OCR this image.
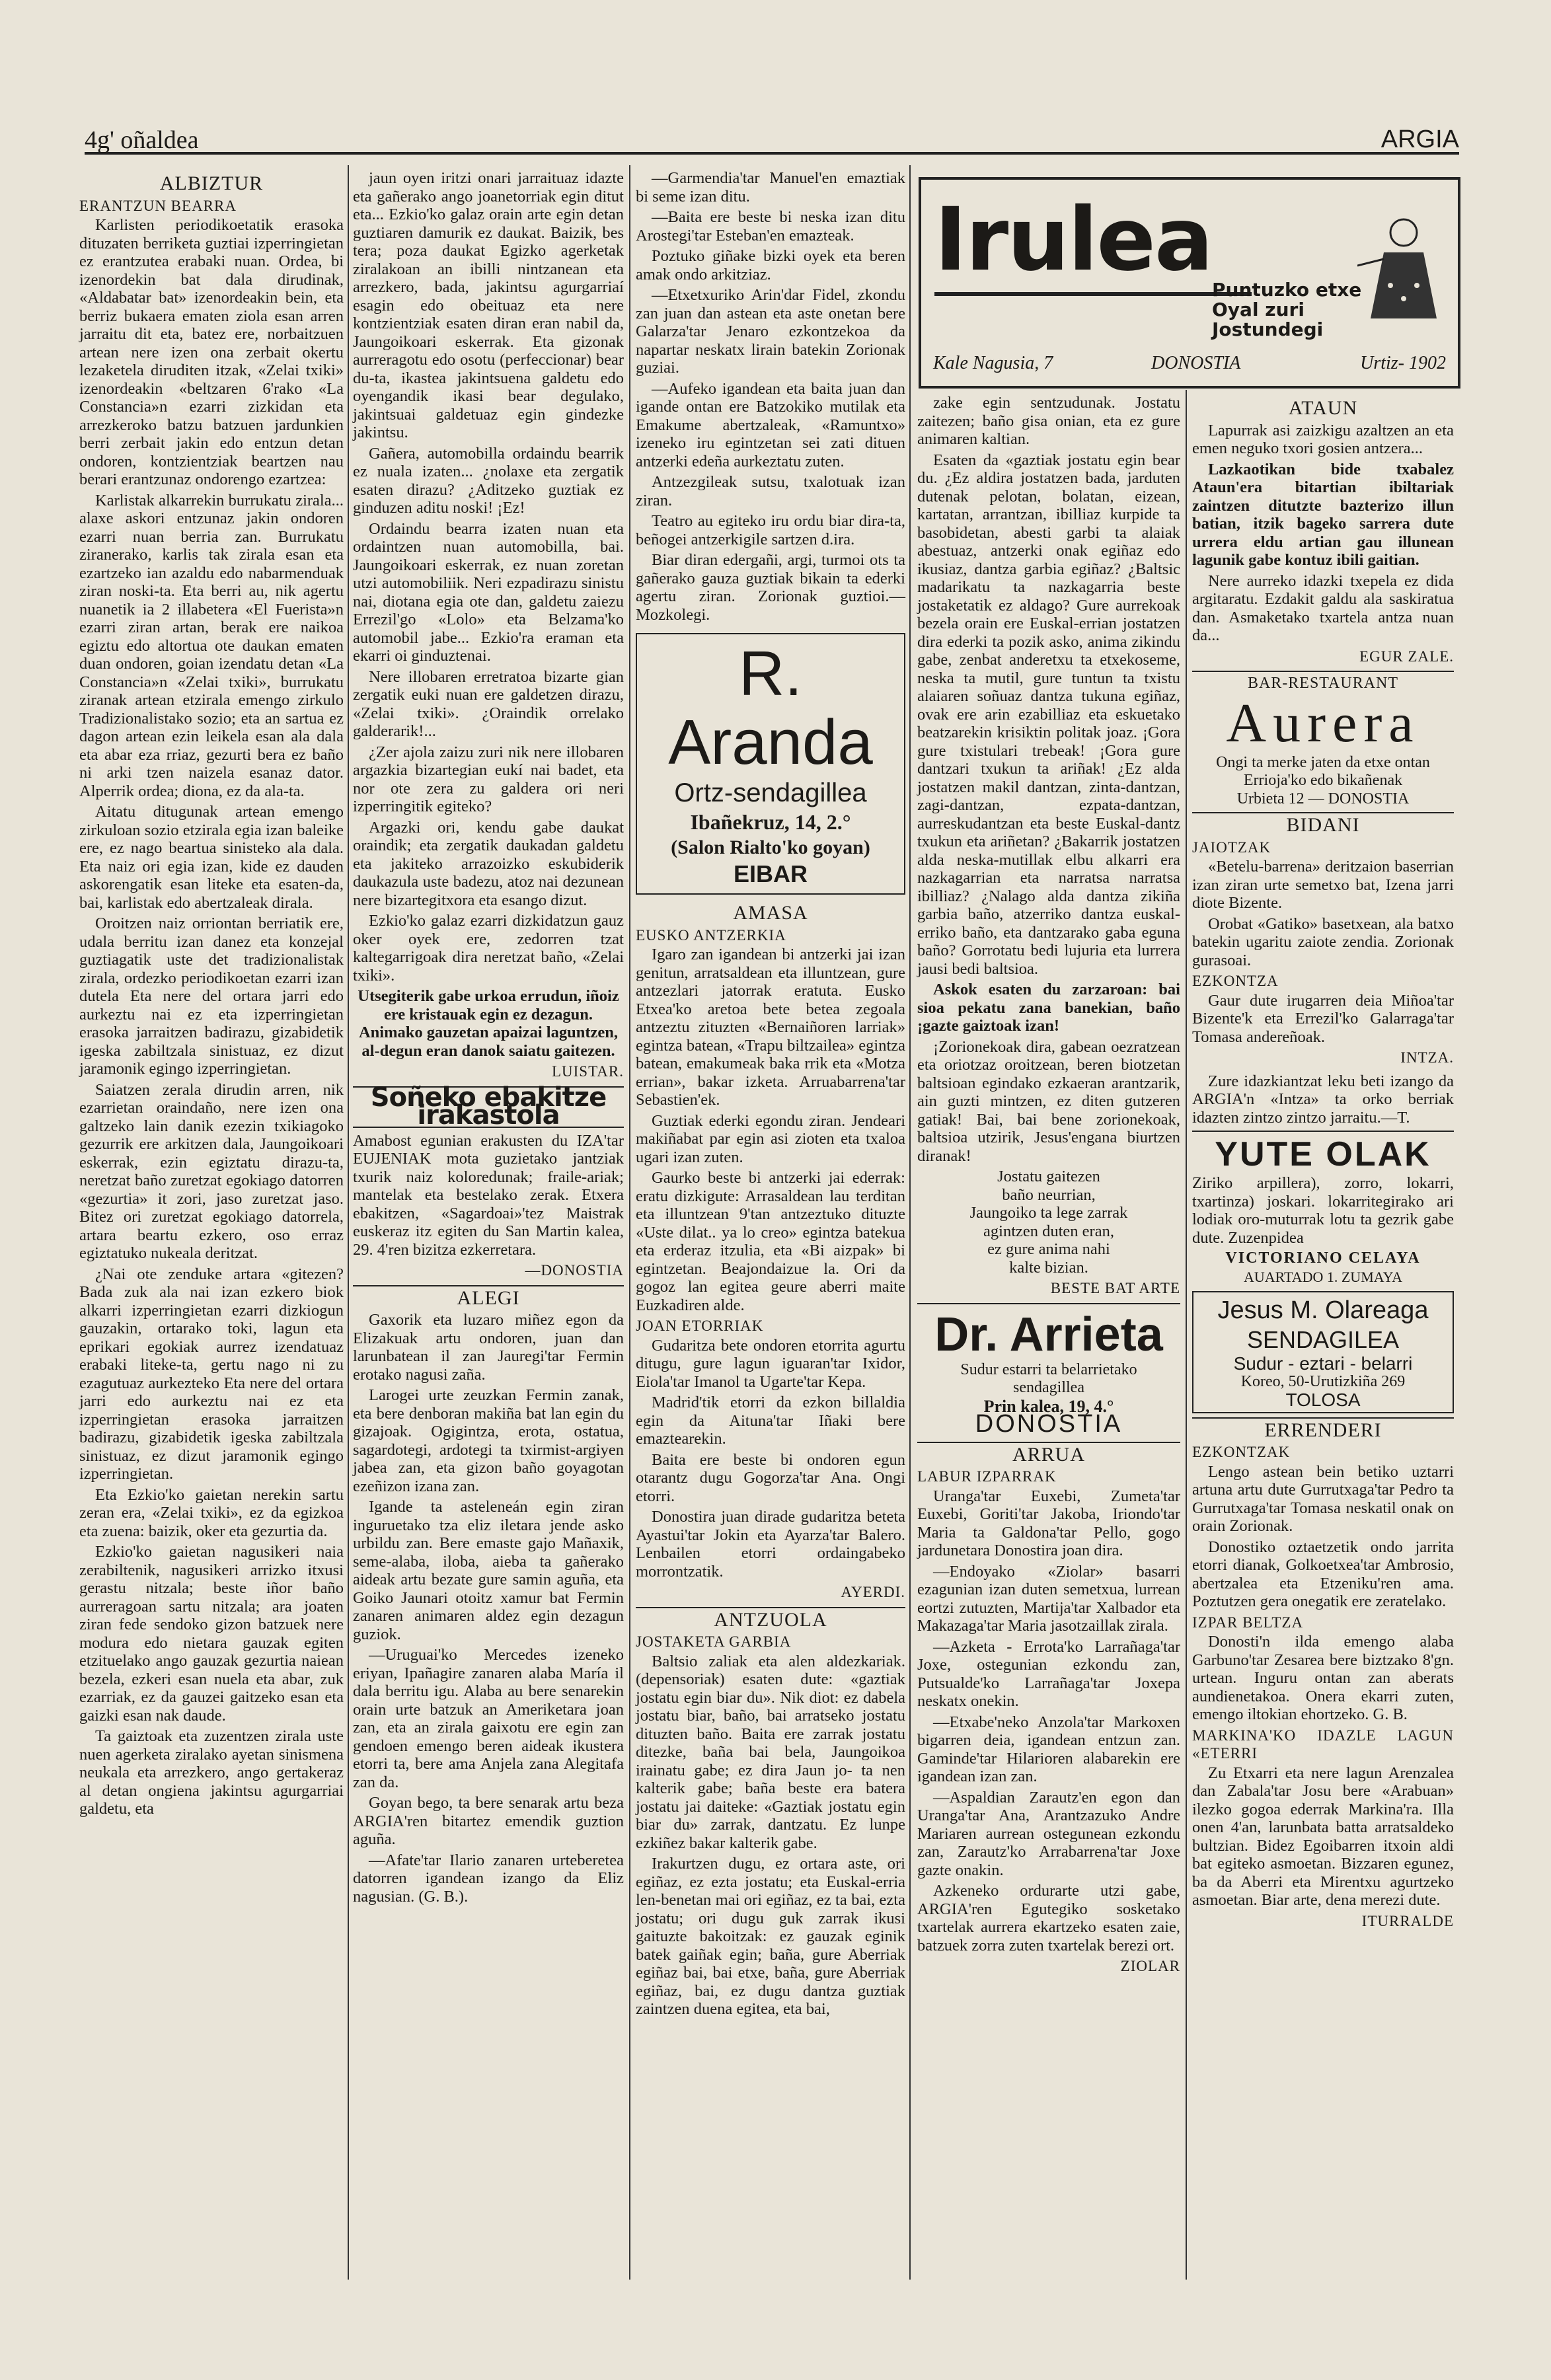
4g' oñaldea	ARGIA
ALBIZTUR
ERANTZUN BEARRA

Karlisten periodikoetatik erasoka dituzaten berriketa guztiai izperringietan ez erantzutea erabaki nuan. Ordea, bi izenordekin bat dala dirudinak, «Aldabatar bat» izenordeakin bein, eta berriz bukaera ematen ziola esan arren jarraitu dit eta, batez ere, norbaitzuen artean nere izen ona zerbait okertu lezaketela diruditen itzak, «Zelai txiki» izenordeakin «beltzaren 6'rako «La Constancia»n ezarri zizkidan eta arrezkeroko batzu batzuen jardunkien berri zerbait jakin edo entzun detan ondoren, kontzientziak beartzen nau berari erantzunaz ondorengo ezartzea:

Karlistak alkarrekin burrukatu zirala... alaxe askori entzunaz jakin ondoren ezarri nuan berria zan. Burrukatu ziranerako, karlis tak zirala esan eta ezartzeko ian azaldu edo nabarmenduak ziran noski-ta. Eta berri au, nik agertu nuanetik ia 2 illabetera «El Fuerista»n ezarri ziran artan, berak ere naikoa egiztu edo altortua ote daukan ematen duan ondoren, goian izendatu detan «La Constancia»n «Zelai txiki», burrukatu ziranak artean etzirala emengo zirkulo Tradizionalistako sozio; eta an sartua ez dagon artean ezin leikela esan ala dala eta abar eza rriaz, gezurti bera ez baño ni arki tzen naizela esanaz dator. Alperrik ordea; diona, ez da ala-ta.

Aitatu ditugunak artean emengo zirkuloan sozio etzirala egia izan baleike ere, ez nago beartua sinisteko ala dala. Eta naiz ori egia izan, kide ez dauden askorengatik esan liteke eta esaten-da, bai, karlistak edo abertzaleak dirala.

Oroitzen naiz orriontan berriatik ere, udala berritu izan danez eta konzejal guztiagatik uste det tradizionalistak zirala, ordezko periodikoetan ezarri izan dutela Eta nere del ortara jarri edo aurkeztu nai ez eta izperringietan erasoka jarraitzen badirazu, gizabidetik igeska zabiltzala sinistuaz, ez dizut jaramonik egingo izperringietan.

Saiatzen zerala dirudin arren, nik ezarrietan oraindaño, nere izen ona galtzeko lain danik ezezin txikiagoko gezurrik ere arkitzen dala, Jaungoikoari eskerrak, ezin egiztatu dirazu-ta, neretzat baño zuretzat egokiago datorren «gezurtia» it zori, jaso zuretzat jaso. Bitez ori zuretzat egokiago datorrela, artara beartu ezkero, oso erraz egiztatuko nukeala deritzat.

¿Nai ote zenduke artara «gitezen? Bada zuk ala nai izan ezkero biok alkarri izperringietan ezarri dizkiogun gauzakin, ortarako toki, lagun eta eprikari egokiak aurrez izendatuaz erabaki liteke-ta, gertu nago ni zu ezagutuaz aurkezteko Eta nere del ortara jarri edo aurkeztu nai ez eta izperringietan erasoka jarraitzen badirazu, gizabidetik igeska zabiltzala sinistuaz, ez dizut jaramonik egingo izperringietan.

Eta Ezkio'ko gaietan nerekin sartu zeran era, «Zelai txiki», ez da egizkoa eta zuena: baizik, oker eta gezurtia da.

Ezkio'ko gaietan nagusikeri naia zerabiltenik, nagusikeri arrizko itxusi gerastu nitzala; beste iñor baño aurreragoan sartu nitzala; ara joaten ziran fede sendoko gizon batzuek nere modura edo nietara gauzak egiten etzituelako ango gauzak gezurtia naiean bezela, ezkeri esan nuela eta abar, zuk ezarriak, ez da gauzei gaitzeko esan eta gaizki esan nak daude.

Ta gaiztoak eta zuzentzen zirala uste nuen agerketa ziralako ayetan sinismena neukala eta arrezkero, ango gertakeraz al detan ongiena jakintsu agurgarriai galdetu, eta

jaun oyen iritzi onari jarraituaz idazte eta gañerako ango joanetorriak egin ditut eta... Ezkio'ko galaz orain arte egin detan guztiaren damurik ez daukat. Baizik, bes tera; poza daukat Egizko agerketak ziralakoan an ibilli nintzanean eta arrezkero, bada, jakintsu agurgarriaí esagin edo obeituaz eta nere kontzientziak esaten diran eran nabil da, Jaungoikoari eskerrak. Eta gizonak aurreragotu edo osotu (perfeccionar) bear du-ta, ikastea jakintsuena galdetu edo oyengandik ikasi bear degulako, jakintsuai galdetuaz egin gindezke jakintsu.

Gañera, automobilla ordaindu bearrik ez nuala izaten... ¿nolaxe eta zergatik esaten dirazu? ¿Aditzeko guztiak ez ginduzen aditu noski! ¡Ez!

Ordaindu bearra izaten nuan eta ordaintzen nuan automobilla, bai. Jaungoikoari eskerrak, ez nuan zoretan utzi automobiliik. Neri ezpadirazu sinistu nai, diotana egia ote dan, galdetu zaiezu Errezil'go «Lolo» eta Belzama'ko automobil jabe... Ezkio'ra eraman eta ekarri oi ginduztenai.

Nere illobaren erretratoa bizarte gian zergatik euki nuan ere galdetzen dirazu, «Zelai txiki». ¿Oraindik orrelako galderarik!...

¿Zer ajola zaizu zuri nik nere illobaren argazkia bizartegian eukí nai badet, eta nor ote zera zu galdera ori neri izperringitik egiteko?

Argazki ori, kendu gabe daukat oraindik; eta zergatik daukadan galdetu eta jakiteko arrazoizko eskubiderik daukazula uste badezu, atoz nai dezunean nere bizartegitxora eta esango dizut.

Ezkio'ko galaz ezarri dizkidatzun gauz oker oyek ere, zedorren tzat kaltegarrigoak dira neretzat baño, «Zelai txiki».

Utsegiterik gabe urkoa errudun, iñoiz ere kristauak egin ez dezagun. Animako gauzetan apaizai laguntzen, al-degun eran danok saiatu gaitezen.

LUISTAR.
Soñeko ebakitze irakastola

Amabost egunian erakusten du IZA'tar EUJENIAK mota guzietako jantziak txurik naiz koloredunak; fraile-ariak; mantelak eta bestelako zerak. Etxera ebakitzen, «Sagardoai»'tez Maistrak euskeraz itz egiten du San Martin kalea, 29. 4'ren bizitza ezkerretara.

—DONOSTIA
ALEGI

Gaxorik eta luzaro miñez egon da Elizakuak artu ondoren, juan dan larunbatean il zan Jauregi'tar Fermin erotako nagusi zaña.

Larogei urte zeuzkan Fermin zanak, eta bere denboran makiña bat lan egin du gizajoak. Ogigintza, erota, ostatua, sagardotegi, ardotegi ta txirmist-argiyen jabea zan, eta gizon baño goyagotan ezeñizon izana zan.

Igande ta asteleneán egin ziran inguruetako tza eliz iletara jende asko urbildu zan. Bere emaste gajo Mañaxik, seme-alaba, iloba, aieba ta gañerako aideak artu bezate gure samin aguña, eta Goiko Jaunari otoitz xamur bat Fermin zanaren animaren aldez egin dezagun guziok.

—Uruguai'ko Mercedes izeneko eriyan, Ipañagire zanaren alaba María il dala berritu igu. Alaba au bere senarekin orain urte batzuk an Ameriketara joan zan, eta an zirala gaixotu ere egin zan gendoen emengo beren aideak ikustera etorri ta, bere ama Anjela zana Alegitafa zan da.

Goyan bego, ta bere senarak artu beza ARGIA'ren bitartez emendik guztion aguña.

—Afate'tar Ilario zanaren urteberetea datorren igandean izango da Eliz nagusian. (G. B.).

—Garmendia'tar Manuel'en emaztiak bi seme izan ditu.

—Baita ere beste bi neska izan ditu Arostegi'tar Esteban'en emazteak.

Poztuko giñake bizki oyek eta beren amak ondo arkitziaz.

—Etxetxuriko Arin'dar Fidel, zkondu zan juan dan astean eta aste onetan bere Galarza'tar Jenaro ezkontzekoa da napartar neskatx lirain batekin Zorionak guziai.

—Aufeko igandean eta baita juan dan igande ontan ere Batzokiko mutilak eta Emakume abertzaleak, «Ramuntxo» izeneko iru egintzetan sei zati dituen antzerki edeña aurkeztatu zuten.

Antzezgileak sutsu, txalotuak izan ziran.

Teatro au egiteko iru ordu biar dira-ta, beñogei antzerkigile sartzen d.ira.

Biar diran edergañi, argi, turmoi ots ta gañerako gauza guztiak bikain ta ederki agertu ziran. Zorionak guztioi.—Mozkolegi.

R. Aranda
Ortz-sendagillea
Ibañekruz, 14, 2.°
(Salon Rialto'ko goyan)
EIBAR
AMASA
EUSKO ANTZERKIA

Igaro zan igandean bi antzerki jai izan genitun, arratsaldean eta illuntzean, gure antzezlari jatorrak eratuta. Eusko Etxea'ko aretoa bete betea zegoala antzeztu zituzten «Bernaiñoren larriak» egintza batean, «Trapu biltzailea» egintza batean, emakumeak baka rrik eta «Motza errian», bakar izketa. Arruabarrena'tar Sebastien'ek.

Guztiak ederki egondu ziran. Jendeari makiñabat par egin asi zioten eta txaloa ugari izan zuten.

Gaurko beste bi antzerki jai ederrak: eratu dizkigute: Arrasaldean lau terditan eta illuntzean 9'tan antzeztuko dituzte «Uste dilat.. ya lo creo» egintza batekua eta erderaz itzulia, eta «Bi aizpak» bi egintzetan. Beajondaizue la. Ori da gogoz lan egitea geure aberri maite Euzkadiren alde.

JOAN ETORRIAK

Gudaritza bete ondoren etorrita agurtu ditugu, gure lagun iguaran'tar Ixidor, Eiola'tar Imanol ta Ugarte'tar Kepa.

Madrid'tik etorri da ezkon billaldia egin da Aituna'tar Iñaki bere emaztearekin.

Baita ere beste bi ondoren egun otarantz dugu Gogorza'tar Ana. Ongi etorri.

Donostira juan dirade gudaritza beteta Ayastui'tar Jokin eta Ayarza'tar Balero. Lenbailen etorri ordaingabeko morrontzatik.

AYERDI.
ANTZUOLA
JOSTAKETA GARBIA

Baltsio zaliak eta alen aldezkariak. (depensoriak) esaten dute: «gaztiak jostatu egin biar du». Nik diot: ez dabela jostatu biar, baño, bai arratseko jostatu dituzten baño. Baita ere zarrak jostatu ditezke, baña bai bela, Jaungoikoa irainatu gabe; ez dira Jaun jo- ta nen kalterik gabe; baña beste era batera jostatu jai daiteke: «Gaztiak jostatu egin biar du» zarrak, dantzatu. Ez lunpe ezkiñez bakar kalterik gabe.

Irakurtzen dugu, ez ortara aste, ori egiñaz, ez ezta jostatu; eta Euskal-erria len-benetan mai ori egiñaz, ez ta bai, ezta jostatu; ori dugu guk zarrak ikusi gaituzte bakoitzak: ez gauzak eginik batek gaiñak egin; baña, gure Aberriak egiñaz bai, bai etxe, baña, gure Aberriak egiñaz, bai, ez dugu dantza guztiak zaintzen duena egitea, eta bai,

Irulea Puntuzko etxe
Oyal zuri
Jostundegi
Kale Nagusia, 7	DONOSTIA	Urtiz- 1902

zake egin sentzudunak. Jostatu zaitezen; baño gisa onian, eta ez gure animaren kaltian.

Esaten da «gaztiak jostatu egin bear du. ¿Ez aldira jostatzen bada, jarduten dutenak pelotan, bolatan, eizean, kartatan, arrantzan, ibilliaz kurpide ta basobidetan, abesti garbi ta alaiak abestuaz, antzerki onak egiñaz edo ikusiaz, dantza garbia egiñaz? ¿Baltsic madarikatu ta nazkagarria beste jostaketatik ez aldago? Gure aurrekoak bezela orain ere Euskal-errian jostatzen dira ederki ta pozik asko, anima zikindu gabe, zenbat anderetxu ta etxekoseme, neska ta mutil, gure tuntun ta txistu alaiaren soñuaz dantza tukuna egiñaz, ovak ere arin ezabilliaz eta eskuetako beatzarekin krisiktin politak joaz. ¡Gora gure txistulari trebeak! ¡Gora gure dantzari txukun ta ariñak! ¿Ez alda jostatzen makil dantzan, zinta-dantzan, zagi-dantzan, ezpata-dantzan, aurreskudantzan eta beste Euskal-dantz txukun eta ariñetan? ¿Bakarrik jostatzen alda neska-mutillak elbu alkarri era nazkagarrian eta narratsa narratsa ibilliaz? ¿Nalago alda dantza zikiña garbia baño, atzerriko dantza euskal-erriko baño, eta dantzarako gaba eguna baño? Gorrotatu bedi lujuria eta lurrera jausi bedi baltsioa.

Askok esaten du zarzaroan: bai sioa pekatu zana banekian, baño ¡gazte gaiztoak izan!

¡Zorionekoak dira, gabean oezratzean eta oriotzaz oroitzean, beren biotzetan baltsioan egindako ezkaeran arantzarik, ain guzti mintzen, ez diten gutzeren gatiak! Bai, bai bene zorionekoak, baltsioa utzirik, Jesus'engana biurtzen diranak!

Jostatu gaitezen
baño neurrian,
Jaungoiko ta lege zarrak
agintzen duten eran,
ez gure anima nahi
kalte bizian.
BESTE BAT ARTE
Dr. Arrieta
Sudur estarri ta belarrietako
sendagillea
Prin kalea, 19, 4.°
DONOSTIA
ARRUA
LABUR IZPARRAK

Uranga'tar Euxebi, Zumeta'tar Euxebi, Goriti'tar Jakoba, Iriondo'tar Maria ta Galdona'tar Pello, gogo jardunetara Donostira joan dira.

—Endoyako «Ziolar» basarri ezagunian izan duten semetxua, lurrean eortzi zutuzten, Martija'tar Xalbador eta Makazaga'tar Maria jasotzaillak zirala.

—Azketa - Errota'ko Larrañaga'tar Joxe, ostegunian ezkondu zan, Putsualde'ko Larrañaga'tar Joxepa neskatx onekin.

—Etxabe'neko Anzola'tar Markoxen bigarren deia, igandean entzun zan. Gaminde'tar Hilarioren alabarekin ere igandean izan zan.

—Aspaldian Zarautz'en egon dan Uranga'tar Ana, Arantzazuko Andre Mariaren aurrean ostegunean ezkondu zan, Zarautz'ko Arrabarrena'tar Joxe gazte onakin.

Azkeneko ordurarte utzi gabe, ARGIA'ren Egutegiko sosketako txartelak aurrera ekartzeko esaten zaie, batzuek zorra zuten txartelak berezi ort.

ZIOLAR
ATAUN

Lapurrak asi zaizkigu azaltzen an eta emen neguko txori gosien antzera...

Lazkaotikan bide txabalez Ataun'era bitartian ibiltariak zaintzen ditutzte bazterizo illun batian, itzik bageko sarrera dute urrera eldu artian gau illunean lagunik gabe kontuz ibili gaitian.

Nere aurreko idazki txepela ez dida argitaratu. Ezdakit galdu ala saskiratua dan. Asmaketako txartela antza nuan da...

EGUR ZALE.
BAR-RESTAURANT
Aurera
Ongi ta merke jaten da etxe ontan
Errioja'ko edo bikañenak
Urbieta 12 — DONOSTIA
BIDANI
JAIOTZAK

«Betelu-barrena» deritzaion baserrian izan ziran urte semetxo bat, Izena jarri diote Bizente.

Orobat «Gatiko» basetxean, ala batxo batekin ugaritu zaiote zendia. Zorionak gurasoai.

EZKONTZA

Gaur dute irugarren deia Miñoa'tar Bizente'k eta Errezil'ko Galarraga'tar Tomasa andereñoak.

INTZA.

Zure idazkiantzat leku beti izango da ARGIA'n «Intza» ta orko berriak idazten zintzo zintzo jarraitu.—T.

YUTE OLAK

Ziriko arpillera), zorro, lokarri, txartinza) joskari. lokarritegirako ari lodiak oro-muturrak lotu ta gezrik gabe dute. Zuzenpidea

VICTORIANO CELAYA
AUARTADO 1. ZUMAYA
Jesus M. Olareaga
SENDAGILEA
Sudur - eztari - belarri
Koreo, 50-Urutizkiña 269
TOLOSA
ERRENDERI
EZKONTZAK

Lengo astean bein betiko uztarri artuna artu dute Gurrutxaga'tar Pedro ta Gurrutxaga'tar Tomasa neskatil onak on orain Zorionak.

Donostiko oztaetzetik ondo jarrita etorri dianak, Golkoetxea'tar Ambrosio, abertzalea eta Etzeniku'ren ama. Poztutzen gera onegatik ere zeratelako.

IZPAR BELTZA

Donosti'n ilda emengo alaba Garbuno'tar Zesarea bere biztzako 8'gn. urtean. Inguru ontan zan aberats aundienetakoa. Onera ekarri zuten, emengo iltokian ehortzeko. G. B.

MARKINA'KO IDAZLE LAGUN «ETERRI

Zu Etxarri eta nere lagun Arenzalea dan Zabala'tar Josu bere «Arabuan» ilezko gogoa ederrak Markina'ra. Illa onen 4'an, larunbata batta arratsaldeko bultzian. Bidez Egoibarren itxoin aldi bat egiteko asmoetan. Bizzaren egunez, ba da Aberri eta Mirentxu agurtzeko asmoetan. Biar arte, dena merezi dute.

ITURRALDE
